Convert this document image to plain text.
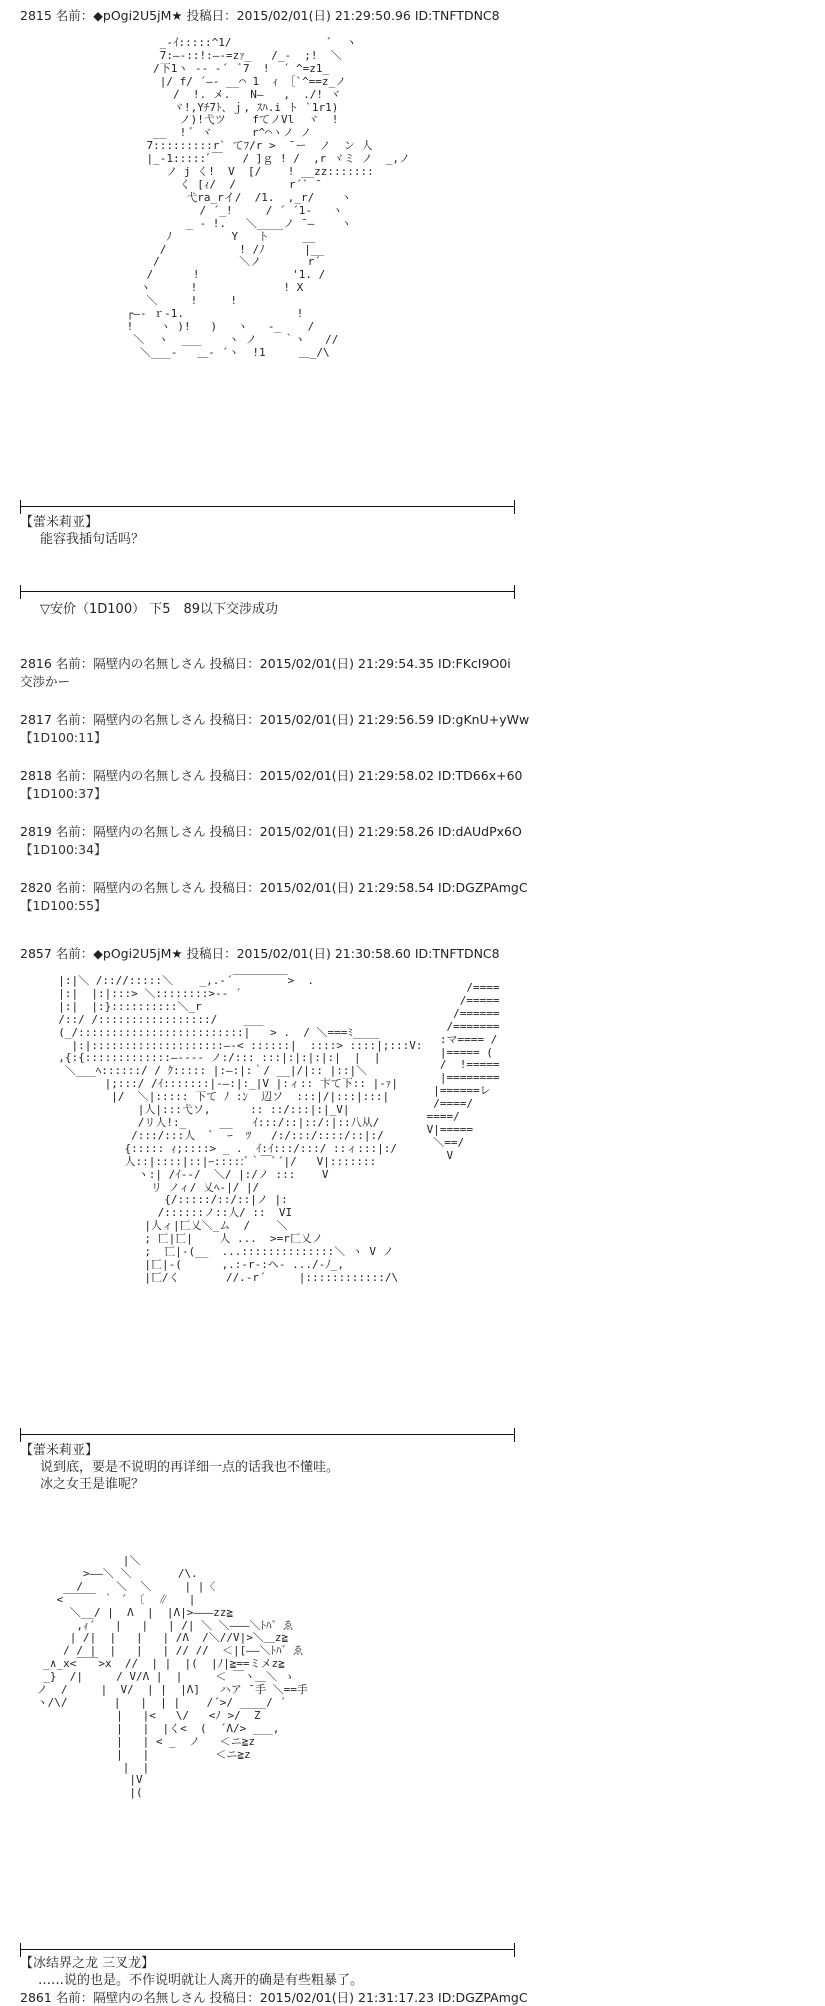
2815 名前：◆pOgi2U5jM★ 投稿日：2015/02/01(日) 21:29:50.96 ID:TNFTDNC8
_-ｲ:::::^1/               ﾞ  ヽ
7:―-::!:―‐=zｧ_   /_‐  ;!  ＼
/下1ヽ ‐- ‐´  ﾞ7  !  ´ ^=z1_
|/ f/ ´―‐ __⌒ 1  ｨ ［`^==z_ノ
/  !. メ.   N―   ,  ./! ヾ
ヾ!,Yﾁ7ﾄ、ｊ, ｽﾊ.i ト `1r1)
ノ)!弋ツ    fてノVl  ヾ  !
__  ! ﾞ ヾ      r^⌒ヽノ ノ
7:::::::::r` てﾌ/r >  ̄ ー  ノ  ン 人
|_-1:::::ﾞ￣   / ]ｇ ! /  ,r ヾミ ノ  _,ノ
ノ j く!  V  [/    ! __zz:::::::
く [ｨ/  /        r´` ̄
弋ra_rイ/  /1.  ,_r/    ヽ
/ ´_!     / ´ ´1-   ヽ
_ - !.   ＼____ノ ̄ ―    ヽ
ﾉ         Y   ト     __
/           ! /ﾉ      |__
/            ＼ノ       r´
/      !              '1. /
ヽ      !             ! X
＼     !     !
┌―‐ ｒ‐1.                 !
!    ヽ )!   )   ヽ   ‐_    /
＼  ヽ  ___    ヽ ノ    ｀ヽ   //
＼___-   ＿‐ ´ヽ  !1     ＿_/\
【蕾米莉亚】
能容我插句话吗？
▽安价（1D100） 下5　89以下交涉成功
2816 名前：隔壁内の名無しさん 投稿日：2015/02/01(日) 21:29:54.35 ID:FKcI9O0i
交渉かー
2817 名前：隔壁内の名無しさん 投稿日：2015/02/01(日) 21:29:56.59 ID:gKnU+yWw
【1D100:11】
2818 名前：隔壁内の名無しさん 投稿日：2015/02/01(日) 21:29:58.02 ID:TD66x+60
【1D100:37】
2819 名前：隔壁内の名無しさん 投稿日：2015/02/01(日) 21:29:58.26 ID:dAUdPx6O
【1D100:34】
2820 名前：隔壁内の名無しさん 投稿日：2015/02/01(日) 21:29:58.54 ID:DGZPAmgC
【1D100:55】
2857 名前：◆pOgi2U5jM★ 投稿日：2015/02/01(日) 21:30:58.60 ID:TNFTDNC8
|:|＼ /:://:::::＼    _,.-´￣￣￣￣￣>  .
|:|  |:|:::> ＼::::::::>-- ´
|:|  |:}::::::::::＼_r
/::/ /:::::::::::::::::/    ___
(_/:::::::::::::::::::::::::|   > .  / ＼===ﾐ____
|:|::::::::::::::::::::―‐< ::::::|  ::::> ::::|;:::V:
,{:{:::::::::::::―‐‐-- ノ:/::: :::|:|:|:|:|  |  |
＼___ﾍ::::::/ / ｸ::::: |:―:|:｀/ __|/|:: |::|＼
|;:::/ /ｲ:::::::|-―:|:_|V |:ィ:: 卞て下:: |-ｧ|
|/  ＼|::::: 下て ﾉ :ﾝ  辺ソ  :::|/|:::|:::|
|人|:::弋ソ,      :: ::/:::|:|_V|
/リ人!:_     __   ｲ:::/::|::/:|::八从/
/:::/:::人  ﾞ  ｰ  ﾂ   /:/:::/::::/::|:/
{::::: ｨ;::::> _ .  ｲ:ｲ:::/:::/ ::ィ:::|:/
人::|::::|::|ｰ:::::ﾞ｀￣ﾞ´|/   V|:::::::
ヽ:| /ｲ--/  ＼/ |:/ノ :::    V
リ ノィ/ 乂ﾍ-|/ |/
{/:::::/::/::|ノ |:
/::::::ノ::人/ ::  VI
|人ィ|匸乂＼_ム  /    ＼
; 匸|匸|    人 ...  >=r匸乂ノ
;  匸|-(__  ...::::::::::::::＼ ヽ V ノ
|匸|-(      ,.:-r-:ヘ- .../-ﾉ_,
|匸/く       //.-r´     |::::::::::::/\
/====
/=====
/======
/=======
:マ==== /
|===== (
/  !=====
|========
|======レ
/====/
====/
V|=====
＼==/
V
【蕾米莉亚】
说到底，要是不说明的再详细一点的话我也不懂哇。
冰之女王是谁呢？
|＼
>――＼ ＼       /\.
/     ＼  ＼     | |〈
<￣￣￣ ｀ ´ 〔  ∥   |
＼__/ |  Λ  |  |Λ|>―――zz≧
,ｨ´   |   |   | /| ＼ ＼―――＼ﾄﾊ゛ゑ
| /|  |   |   | /Λ  /＼//V|>＼＿z≧
/ / |  |   |   | // //  ＜|[――＼ﾄﾊ゛ゑ
_∧_x<￣￣>x  //  | |  |(  |ﾉ|≧==ミメz≧
_}  /|     / V/Λ |  |     ＜ ￣ヽ＿＼ ゝ
ノ  /     |  V/  | |  |Λ]   ハア ̄ 手 ＼==手
ヽ/\/       |   |  | |    /´>/ ____/ ´
|   |<   \/   <ﾉ >/  Z
|   |  |く<  (  ´Λ/> ___,
|   | < _  ノ   ＜ニ≧z
|   |          ＜ニ≧z
|  |
|V
|(
【冰结界之龙 三叉龙】
……说的也是。不作说明就让人离开的确是有些粗暴了。
2861 名前：隔壁内の名無しさん 投稿日：2015/02/01(日) 21:31:17.23 ID:DGZPAmgC
